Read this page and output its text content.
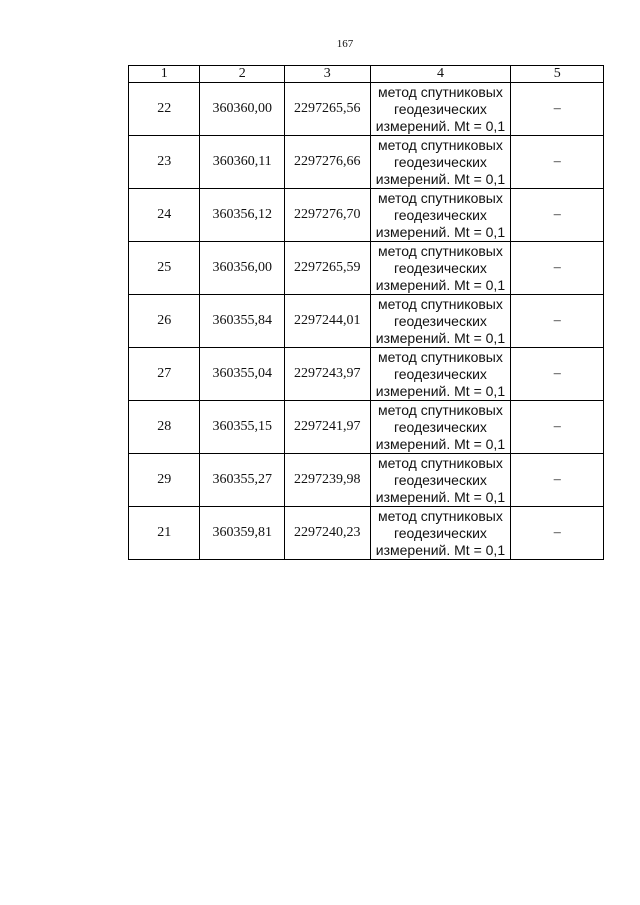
167
1	2	3	4	5
22	360360,00	2297265,56	метод спутниковых
геодезических
измерений. Mt = 0,1	–
23	360360,11	2297276,66	метод спутниковых
геодезических
измерений. Mt = 0,1	–
24	360356,12	2297276,70	метод спутниковых
геодезических
измерений. Mt = 0,1	–
25	360356,00	2297265,59	метод спутниковых
геодезических
измерений. Mt = 0,1	–
26	360355,84	2297244,01	метод спутниковых
геодезических
измерений. Mt = 0,1	–
27	360355,04	2297243,97	метод спутниковых
геодезических
измерений. Mt = 0,1	–
28	360355,15	2297241,97	метод спутниковых
геодезических
измерений. Mt = 0,1	–
29	360355,27	2297239,98	метод спутниковых
геодезических
измерений. Mt = 0,1	–
21	360359,81	2297240,23	метод спутниковых
геодезических
измерений. Mt = 0,1	–
